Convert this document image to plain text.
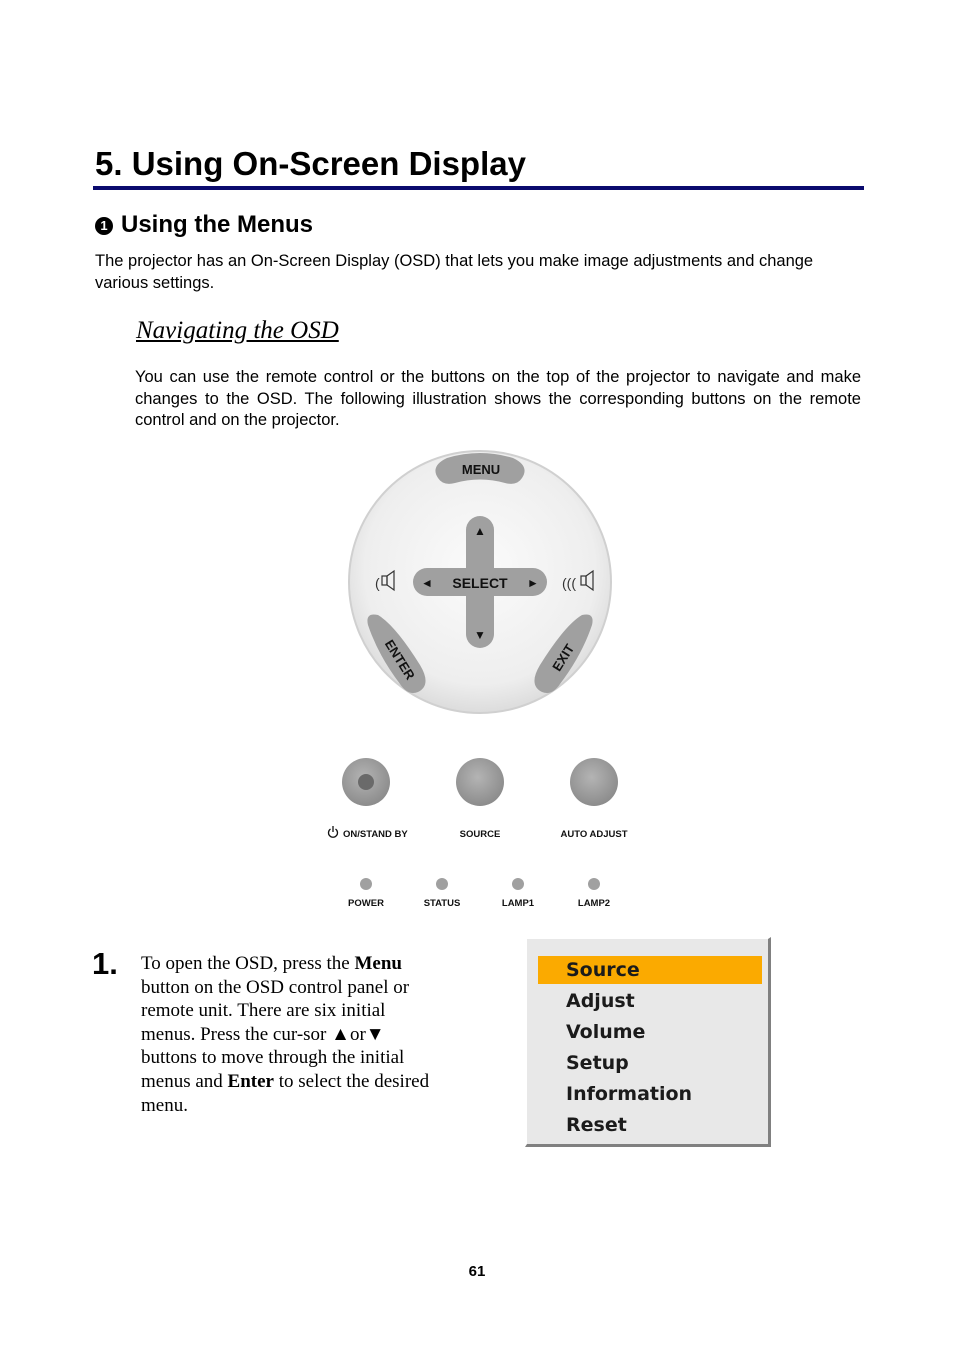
5. Using On-Screen Display
1 Using the Menus

The projector has an On-Screen Display (OSD) that lets you make image adjustments and change various settings.

Navigating the OSD

You can use the remote control or the buttons on the top of the projector to navigate and make changes to the OSD. The following illustration shows the corresponding buttons on the remote control and on the projector.

MENU
▲
▼
◄	►
SELECT
(	(((
ENTER	EXIT
ON/STAND BY	SOURCE	AUTO ADJUST
POWER	STATUS	LAMP1	LAMP2
1. To open the OSD, press the Menu button on the OSD control panel or remote unit. There are six initial menus. Press the cur-sor ▲or▼ buttons to move through the initial menus and Enter to select the desired menu.

Source
Adjust
Volume
Setup
Information
Reset
61
